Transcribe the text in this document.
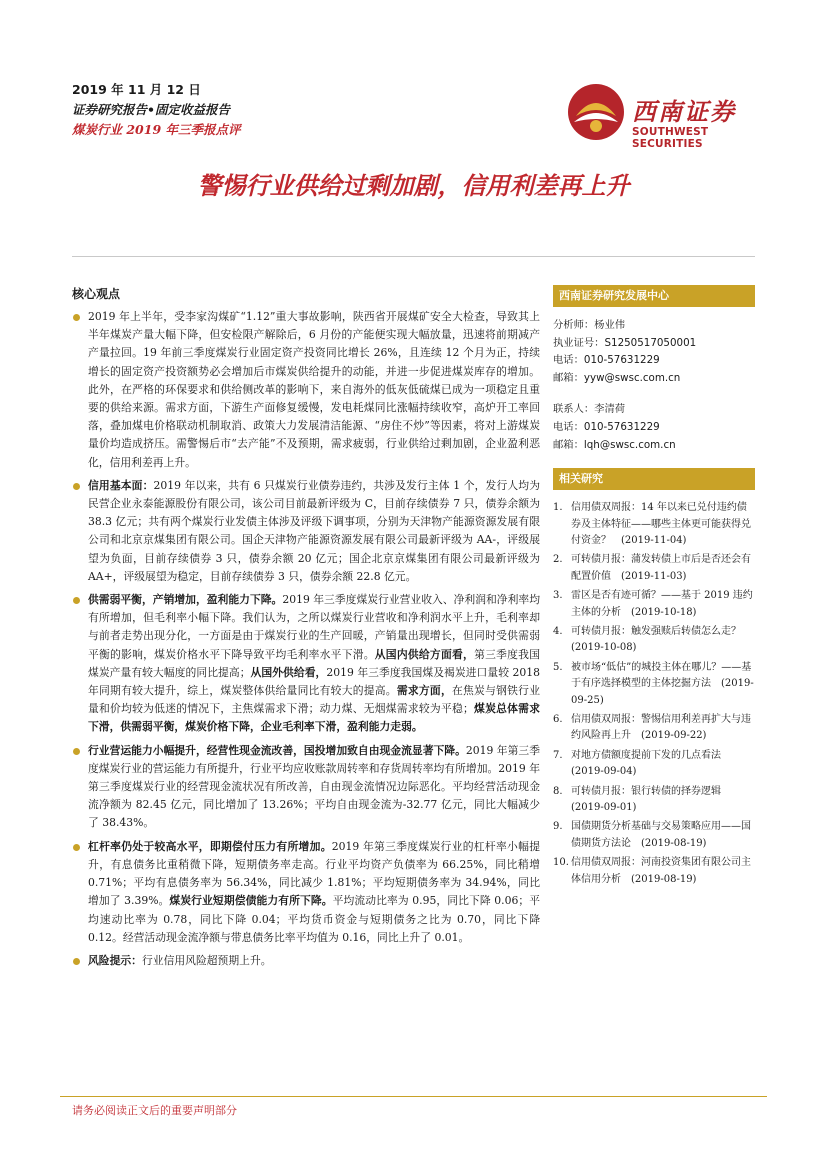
2019 年 11 月 12 日
证券研究报告•固定收益报告
煤炭行业 2019 年三季报点评
西南证券
SOUTHWEST SECURITIES
警惕行业供给过剩加剧，信用利差再上升
核心观点
2019 年上半年，受李家沟煤矿“1.12”重大事故影响，陕西省开展煤矿安全大检查，导致其上半年煤炭产量大幅下降，但安检限产解除后，6 月份的产能便实现大幅放量，迅速将前期减产产量拉回。19 年前三季度煤炭行业固定资产投资同比增长 26%，且连续 12 个月为正，持续增长的固定资产投资额势必会增加后市煤炭供给提升的动能，并进一步促进煤炭库存的增加。此外，在严格的环保要求和供给侧改革的影响下，来自海外的低灰低硫煤已成为一项稳定且重要的供给来源。需求方面，下游生产面修复缓慢，发电耗煤同比涨幅持续收窄，高炉开工率回落，叠加煤电价格联动机制取消、政策大力发展清洁能源、“房住不炒”等因素，将对上游煤炭量价均造成挤压。需警惕后市“去产能”不及预期，需求疲弱，行业供给过剩加剧，企业盈利恶化，信用利差再上升。
信用基本面：2019 年以来，共有 6 只煤炭行业债券违约，共涉及发行主体 1 个，发行人均为民营企业永泰能源股份有限公司，该公司目前最新评级为 C，目前存续债券 7 只，债券余额为 38.3 亿元；共有两个煤炭行业发债主体涉及评级下调事项，分别为天津物产能源资源发展有限公司和北京京煤集团有限公司。国企天津物产能源资源发展有限公司最新评级为 AA-，评级展望为负面，目前存续债券 3 只，债券余额 20 亿元；国企北京京煤集团有限公司最新评级为 AA+，评级展望为稳定，目前存续债券 3 只，债券余额 22.8 亿元。
供需弱平衡，产销增加，盈利能力下降。2019 年三季度煤炭行业营业收入、净利润和净利率均有所增加，但毛利率小幅下降。我们认为，之所以煤炭行业营收和净利润水平上升，毛利率却与前者走势出现分化，一方面是由于煤炭行业的生产回暖，产销量出现增长，但同时受供需弱平衡的影响，煤炭价格水平下降导致平均毛利率水平下滑。从国内供给方面看，第三季度我国煤炭产量有较大幅度的同比提高；从国外供给看，2019 年三季度我国煤及褐炭进口量较 2018 年同期有较大提升，综上，煤炭整体供给量同比有较大的提高。需求方面，在焦炭与钢铁行业量和价均较为低迷的情况下，主焦煤需求下滑；动力煤、无烟煤需求较为平稳；煤炭总体需求下滑，供需弱平衡，煤炭价格下降，企业毛利率下滑，盈利能力走弱。
行业营运能力小幅提升，经营性现金流改善，国投增加致自由现金流显著下降。2019 年第三季度煤炭行业的营运能力有所提升，行业平均应收账款周转率和存货周转率均有所增加。2019 年第三季度煤炭行业的经营现金流状况有所改善，自由现金流情况边际恶化。平均经营活动现金流净额为 82.45 亿元，同比增加了 13.26%；平均自由现金流为-32.77 亿元，同比大幅减少了 38.43%。
杠杆率仍处于较高水平，即期偿付压力有所增加。2019 年第三季度煤炭行业的杠杆率小幅提升，有息债务比重稍微下降，短期债务率走高。行业平均资产负债率为 66.25%，同比稍增 0.71%；平均有息债务率为 56.34%，同比减少 1.81%；平均短期债务率为 34.94%，同比增加了 3.39%。煤炭行业短期偿债能力有所下降。平均流动比率为 0.95，同比下降 0.06；平均速动比率为 0.78，同比下降 0.04；平均货币资金与短期债务之比为 0.70，同比下降 0.12。经营活动现金流净额与带息债务比率平均值为 0.16，同比上升了 0.01。
风险提示：行业信用风险超预期上升。
西南证券研究发展中心
分析师：杨业伟
执业证号：S1250517050001
电话：010-57631229
邮箱：yyw@swsc.com.cn
联系人：李清荷
电话：010-57631229
邮箱：lqh@swsc.com.cn
相关研究
1. 信用债双周报：14 年以来已兑付违约债券及主体特征——哪些主体更可能获得兑付资金？　(2019-11-04)
2. 可转债月报：蒲发转债上市后是否还会有配置价值　(2019-11-03)
3. 雷区是否有迹可循？——基于 2019 违约主体的分析　(2019-10-18)
4. 可转债月报：触发强赎后转债怎么走？　(2019-10-08)
5. 被市场“低估”的城投主体在哪儿？——基于有序选择模型的主体挖掘方法　(2019-09-25)
6. 信用债双周报：警惕信用利差再扩大与违约风险再上升　(2019-09-22)
7. 对地方债额度提前下发的几点看法　(2019-09-04)
8. 可转债月报：银行转债的择券逻辑　(2019-09-01)
9. 国债期货分析基础与交易策略应用——国债期货方法论　(2019-08-19)
10. 信用债双周报：河南投资集团有限公司主体信用分析　(2019-08-19)
请务必阅读正文后的重要声明部分
